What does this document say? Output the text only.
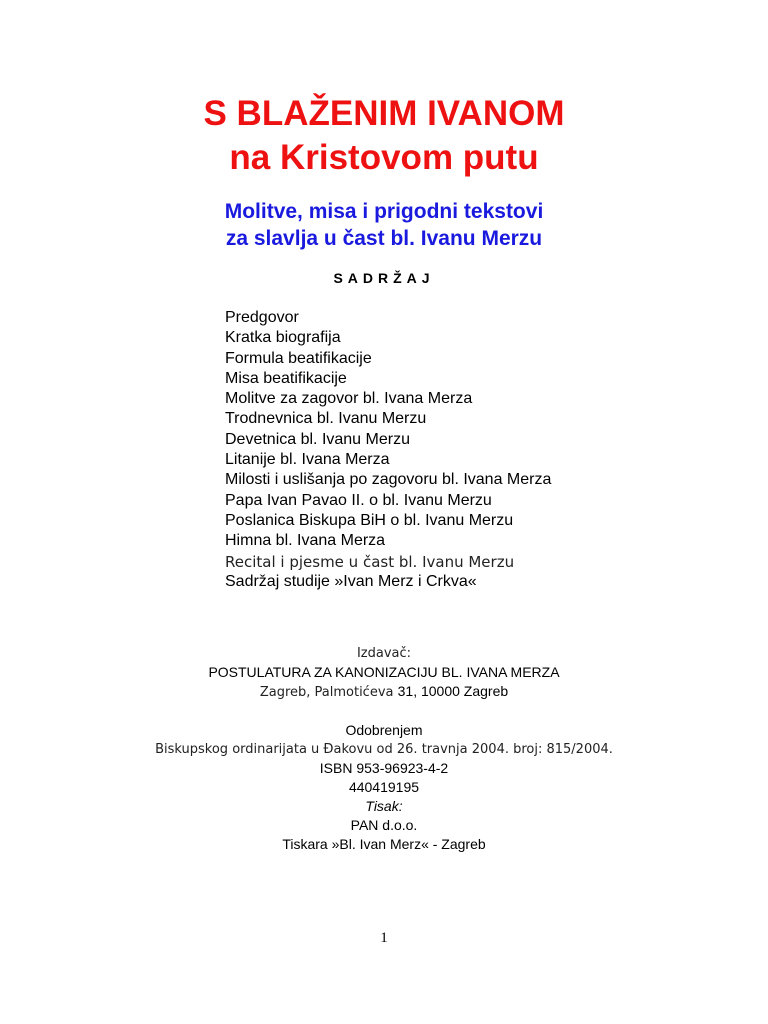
S BLAŽENIM IVANOM
na Kristovom putu
Molitve, misa i prigodni tekstovi
za slavlja u čast bl. Ivanu Merzu
SADRŽAJ
Predgovor
Kratka biografija
Formula beatifikacije
Misa beatifikacije
Molitve za zagovor bl. Ivana Merza
Trodnevnica bl. Ivanu Merzu
Devetnica bl. Ivanu Merzu
Litanije bl. Ivana Merza
Milosti i uslišanja po zagovoru bl. Ivana Merza
Papa Ivan Pavao II. o bl. Ivanu Merzu
Poslanica Biskupa BiH o bl. Ivanu Merzu
Himna bl. Ivana Merza
Recital i pjesme u čast bl. Ivanu Merzu
Sadržaj studije »Ivan Merz i Crkva«
Izdavač:
POSTULATURA ZA KANONIZACIJU BL. IVANA MERZA
Zagreb, Palmotićeva 31, 10000 Zagreb
Odobrenjem
Biskupskog ordinarijata u Đakovu od 26. travnja 2004. broj: 815/2004.
ISBN 953-96923-4-2
440419195
Tisak:
PAN d.o.o.
Tiskara »Bl. Ivan Merz« - Zagreb
1
